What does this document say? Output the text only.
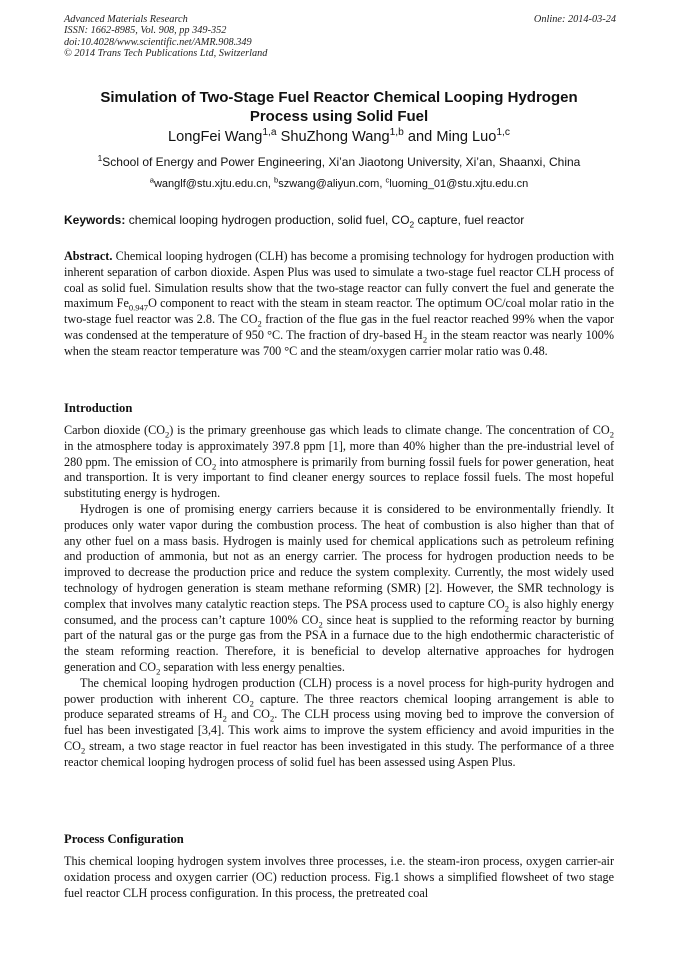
Advanced Materials Research
ISSN: 1662-8985, Vol. 908, pp 349-352
doi:10.4028/www.scientific.net/AMR.908.349
© 2014 Trans Tech Publications Ltd, Switzerland
Online: 2014-03-24
Simulation of Two-Stage Fuel Reactor Chemical Looping Hydrogen
Process using Solid Fuel
LongFei Wang$^{1,a}$ ShuZhong Wang$^{1,b}$ and Ming Luo$^{1,c}$
$^1$School of Energy and Power Engineering, Xi’an Jiaotong University, Xi’an, Shaanxi, China
$^a$wanglf@stu.xjtu.edu.cn, $^b$szwang@aliyun.com, $^c$luoming_01@stu.xjtu.edu.cn
Keywords: chemical looping hydrogen production, solid fuel, $CO_2$ capture, fuel reactor

Abstract. Chemical looping hydrogen (CLH) has become a promising technology for hydrogen production with inherent separation of carbon dioxide. Aspen Plus was used to simulate a two-stage fuel reactor CLH process of coal as solid fuel. Simulation results show that the two-stage reactor can fully convert the fuel and generate the maximum $Fe_{0.947}O$ component to react with the steam in steam reactor. The optimum OC/coal molar ratio in the two-stage fuel reactor was 2.8. The $CO_2$ fraction of the flue gas in the fuel reactor reached 99% when the vapor was condensed at the temperature of 950 °C. The fraction of dry-based $H_2$ in the steam reactor was nearly 100% when the steam reactor temperature was 700 °C and the steam/oxygen carrier molar ratio was 0.48.

Introduction

Carbon dioxide $(CO_2)$ is the primary greenhouse gas which leads to climate change. The concentration of $CO_2$ in the atmosphere today is approximately 397.8 ppm [1], more than 40% higher than the pre-industrial level of 280 ppm. The emission of $CO_2$ into atmosphere is primarily from burning fossil fuels for power generation, heat and transportion. It is very important to find cleaner energy sources to replace fossil fuels. The most hopeful substituting energy is hydrogen.

Hydrogen is one of promising energy carriers because it is considered to be environmentally friendly. It produces only water vapor during the combustion process. The heat of combustion is also higher than that of any other fuel on a mass basis. Hydrogen is mainly used for chemical applications such as petroleum refining and production of ammonia, but not as an energy carrier. The process for hydrogen production needs to be improved to decrease the production price and reduce the system complexity. Currently, the most widely used technology of hydrogen generation is steam methane reforming (SMR) [2]. However, the SMR technology is complex that involves many catalytic reaction steps. The PSA process used to capture $CO_2$ is also highly energy consumed, and the process can’t capture 100% $CO_2$ since heat is supplied to the reforming reactor by burning part of the natural gas or the purge gas from the PSA in a furnace due to the high endothermic characteristic of the steam reforming reaction. Therefore, it is beneficial to develop alternative approaches for hydrogen generation and $CO_2$ separation with less energy penalties.

The chemical looping hydrogen production (CLH) process is a novel process for high-purity hydrogen and power production with inherent $CO_2$ capture. The three reactors chemical looping arrangement is able to produce separated streams of $H_2$ and $CO_2$. The CLH process using moving bed to improve the conversion of fuel has been investigated [3,4]. This work aims to improve the system efficiency and avoid impurities in the $CO_2$ stream, a two stage reactor in fuel reactor has been investigated in this study. The performance of a three reactor chemical looping hydrogen process of solid fuel has been assessed using Aspen Plus.

Process Configuration

This chemical looping hydrogen system involves three processes, i.e. the steam-iron process, oxygen carrier-air oxidation process and oxygen carrier (OC) reduction process. Fig.1 shows a simplified flowsheet of two stage fuel reactor CLH process configuration. In this process, the pretreated coal
